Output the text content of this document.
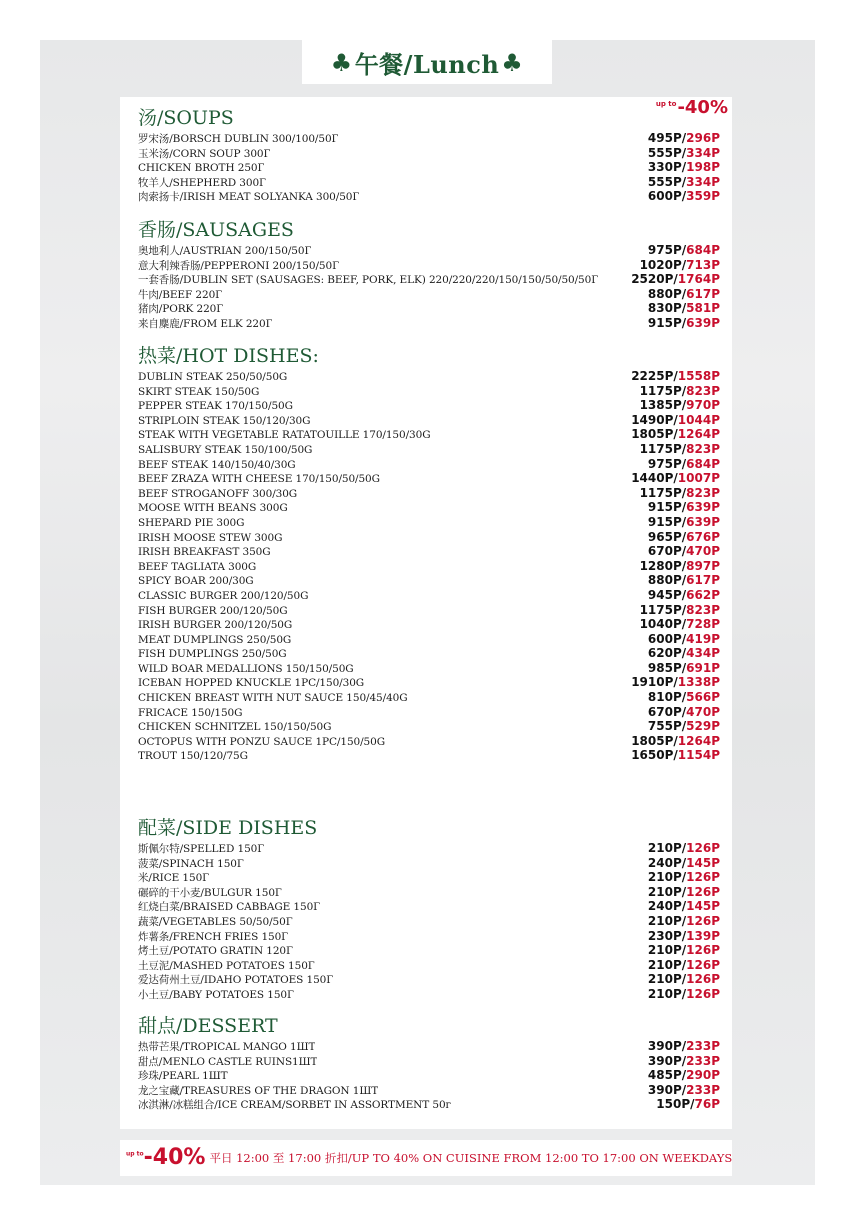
♣ 午餐/Lunch ♣
$^{up to}$-40%
汤/SOUPS
罗宋汤/BORSCH DUBLIN 300/100/50Г	495Р/296Р
玉米汤/CORN SOUP 300Г	555Р/334Р
CHICKEN BROTH 250Г	330Р/198Р
牧羊人/SHEPHERD 300Г	555Р/334Р
肉索扬卡/IRISH MEAT SOLYANKA 300/50Г	600Р/359Р
香肠/SAUSAGES
奥地利人/AUSTRIAN 200/150/50Г	975Р/684Р
意大利辣香肠/PEPPERONI 200/150/50Г	1020Р/713Р
一套香肠/DUBLIN SET (SAUSAGES: BEEF, PORK, ELK) 220/220/220/150/150/50/50/50Г	2520Р/1764Р
牛肉/BEEF 220Г	880Р/617Р
猪肉/PORK 220Г	830Р/581Р
来自麋鹿/FROM ELK 220Г	915Р/639Р
热菜/HOT DISHES:
DUBLIN STEAK 250/50/50G	2225Р/1558Р
SKIRT STEAK 150/50G	1175Р/823Р
PEPPER STEAK 170/150/50G	1385Р/970Р
STRIPLOIN STEAK 150/120/30G	1490Р/1044Р
STEAK WITH VEGETABLE RATATOUILLE 170/150/30G	1805Р/1264Р
SALISBURY STEAK 150/100/50G	1175Р/823Р
BEEF STEAK 140/150/40/30G	975Р/684Р
BEEF ZRAZA WITH CHEESE 170/150/50/50G	1440Р/1007Р
BEEF STROGANOFF 300/30G	1175Р/823Р
MOOSE WITH BEANS 300G	915Р/639Р
SHEPARD PIE 300G	915Р/639Р
IRISH MOOSE STEW 300G	965Р/676Р
IRISH BREAKFAST 350G	670Р/470Р
BEEF TAGLIATA 300G	1280Р/897Р
SPICY BOAR 200/30G	880Р/617Р
CLASSIC BURGER 200/120/50G	945Р/662Р
FISH BURGER 200/120/50G	1175Р/823Р
IRISH BURGER 200/120/50G	1040Р/728Р
MEAT DUMPLINGS 250/50G	600Р/419Р
FISH DUMPLINGS 250/50G	620Р/434Р
WILD BOAR MEDALLIONS 150/150/50G	985Р/691Р
ICEBAN HOPPED KNUCKLE 1PC/150/30G	1910Р/1338Р
CHICKEN BREAST WITH NUT SAUCE 150/45/40G	810Р/566Р
FRICACE 150/150G	670Р/470Р
CHICKEN SCHNITZEL 150/150/50G	755Р/529Р
OCTOPUS WITH PONZU SAUCE 1PC/150/50G	1805Р/1264Р
TROUT 150/120/75G	1650Р/1154Р
配菜/SIDE DISHES
斯佩尔特/SPELLED 150Г	210Р/126Р
菠菜/SPINACH 150Г	240Р/145Р
米/RICE 150Г	210Р/126Р
碾碎的干小麦/BULGUR 150Г	210Р/126Р
红烧白菜/BRAISED CABBAGE 150Г	240Р/145Р
蔬菜/VEGETABLES 50/50/50Г	210Р/126Р
炸薯条/FRENCH FRIES 150Г	230Р/139Р
烤土豆/POTATO GRATIN 120Г	210Р/126Р
土豆泥/MASHED POTATOES 150Г	210Р/126Р
爱达荷州土豆/IDAHO POTATOES 150Г	210Р/126Р
小土豆/BABY POTATOES 150Г	210Р/126Р
甜点/DESSERT
热带芒果/TROPICAL MANGO 1ШТ	390Р/233Р
甜点/MENLO CASTLE RUINS1ШТ	390Р/233Р
珍珠/PEARL 1ШТ	485Р/290Р
龙之宝藏/TREASURES OF THE DRAGON 1ШТ	390Р/233Р
冰淇淋/冰糕组合/ICE CREAM/SORBET IN ASSORTMENT 50г	150Р/76Р
$^{up to}$-40% 平日 12:00 至 17:00 折扣/UP TO 40% ON CUISINE FROM 12:00 TO 17:00 ON WEEKDAYS
